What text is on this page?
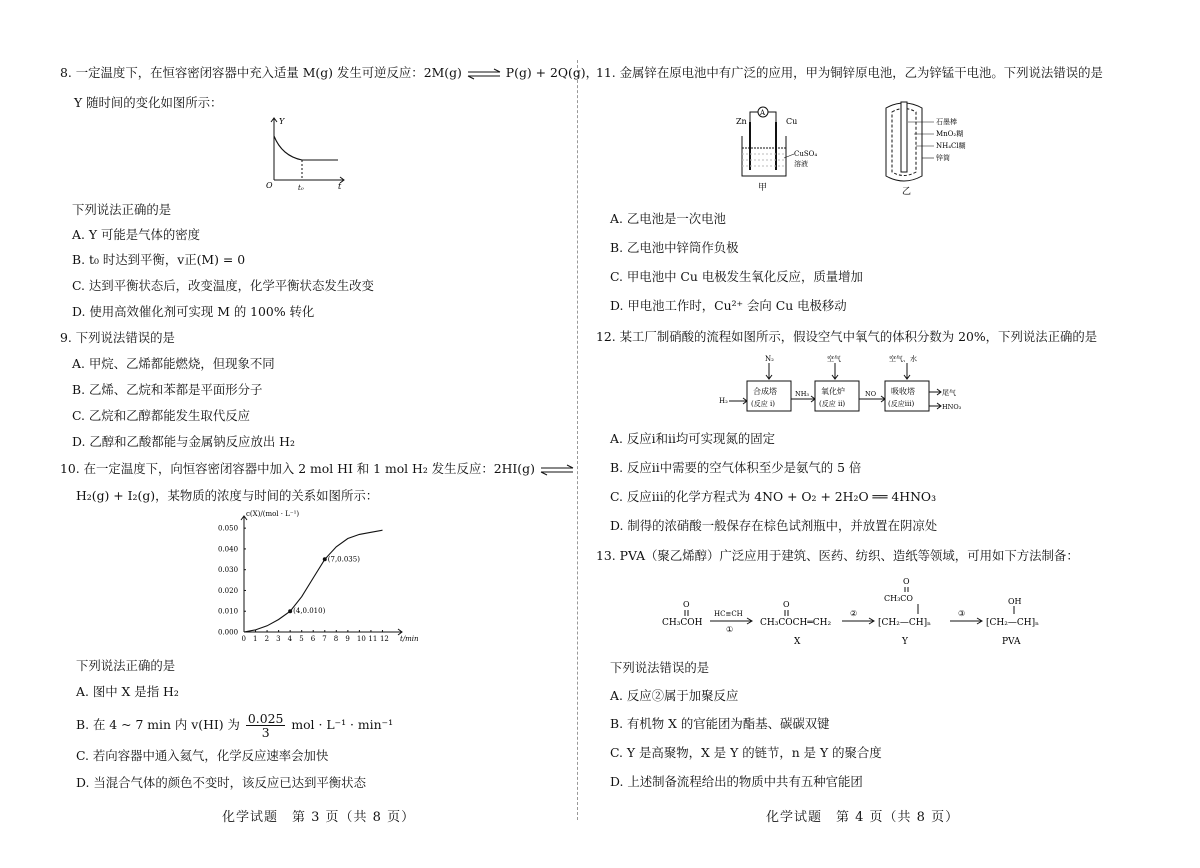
8. 一定温度下，在恒容密闭容器中充入适量 M(g) 发生可逆反应：2M(g) ⇌ P(g) + 2Q(g)，
Y 随时间的变化如图所示：
Y
O	t₀	t
下列说法正确的是
A. Y 可能是气体的密度
B. t₀ 时达到平衡，v正(M) = 0
C. 达到平衡状态后，改变温度，化学平衡状态发生改变
D. 使用高效催化剂可实现 M 的 100% 转化
9. 下列说法错误的是
A. 甲烷、乙烯都能燃烧，但现象不同
B. 乙烯、乙烷和苯都是平面形分子
C. 乙烷和乙醇都能发生取代反应
D. 乙醇和乙酸都能与金属钠反应放出 H₂
10. 在一定温度下，向恒容密闭容器中加入 2 mol HI 和 1 mol H₂ 发生反应：2HI(g) ⇌
H₂(g) + I₂(g)，某物质的浓度与时间的关系如图所示：
0 1 2 3 4 5 6 7 8 9 10 11 12
0.000
0.010
0.020
0.030
0.040
0.050
t/min
c(X)/(mol · L⁻¹)
(4,0.010)
(7,0.035)
下列说法正确的是
A. 图中 X 是指 H₂
B. 在 4 ~ 7 min 内 v(HI) 为 $\frac{0.025}{3}$ mol · L⁻¹ · min⁻¹
C. 若向容器中通入氦气，化学反应速率会加快
D. 当混合气体的颜色不变时，该反应已达到平衡状态
化学试题　第 3 页（共 8 页）
11. 金属锌在原电池中有广泛的应用，甲为铜锌原电池，乙为锌锰干电池。下列说法错误的是
Zn	Cu
A
CuSO₄
溶液
甲
石墨棒
MnO₂糊
NH₄Cl糊
锌筒
乙
A. 乙电池是一次电池
B. 乙电池中锌筒作负极
C. 甲电池中 Cu 电极发生氧化反应，质量增加
D. 甲电池工作时，Cu²⁺ 会向 Cu 电极移动
12. 某工厂制硝酸的流程如图所示，假设空气中氧气的体积分数为 20%，下列说法正确的是
N₂
H₂
合成塔
(反应 i)
NH₃
空气
氧化炉
(反应 ii)
NO
空气、水
吸收塔
(反应iii)
尾气
HNO₃
A. 反应ⅰ和ⅱ均可实现氮的固定
B. 反应ⅱ中需要的空气体积至少是氨气的 5 倍
C. 反应ⅲ的化学方程式为 4NO + O₂ + 2H₂O ══ 4HNO₃
D. 制得的浓硝酸一般保存在棕色试剂瓶中，并放置在阴凉处
13. PVA（聚乙烯醇）广泛应用于建筑、医药、纺织、造纸等领域，可用如下方法制备：
O
CH₃COH
HC≡CH
①
O
CH₃COCH═CH₂
X
②
O
CH₃CO
[CH₂—CH]ₙ
Y
③
OH
[CH₂—CH]ₙ
PVA
下列说法错误的是
A. 反应②属于加聚反应
B. 有机物 X 的官能团为酯基、碳碳双键
C. Y 是高聚物，X 是 Y 的链节，n 是 Y 的聚合度
D. 上述制备流程给出的物质中共有五种官能团
化学试题　第 4 页（共 8 页）
